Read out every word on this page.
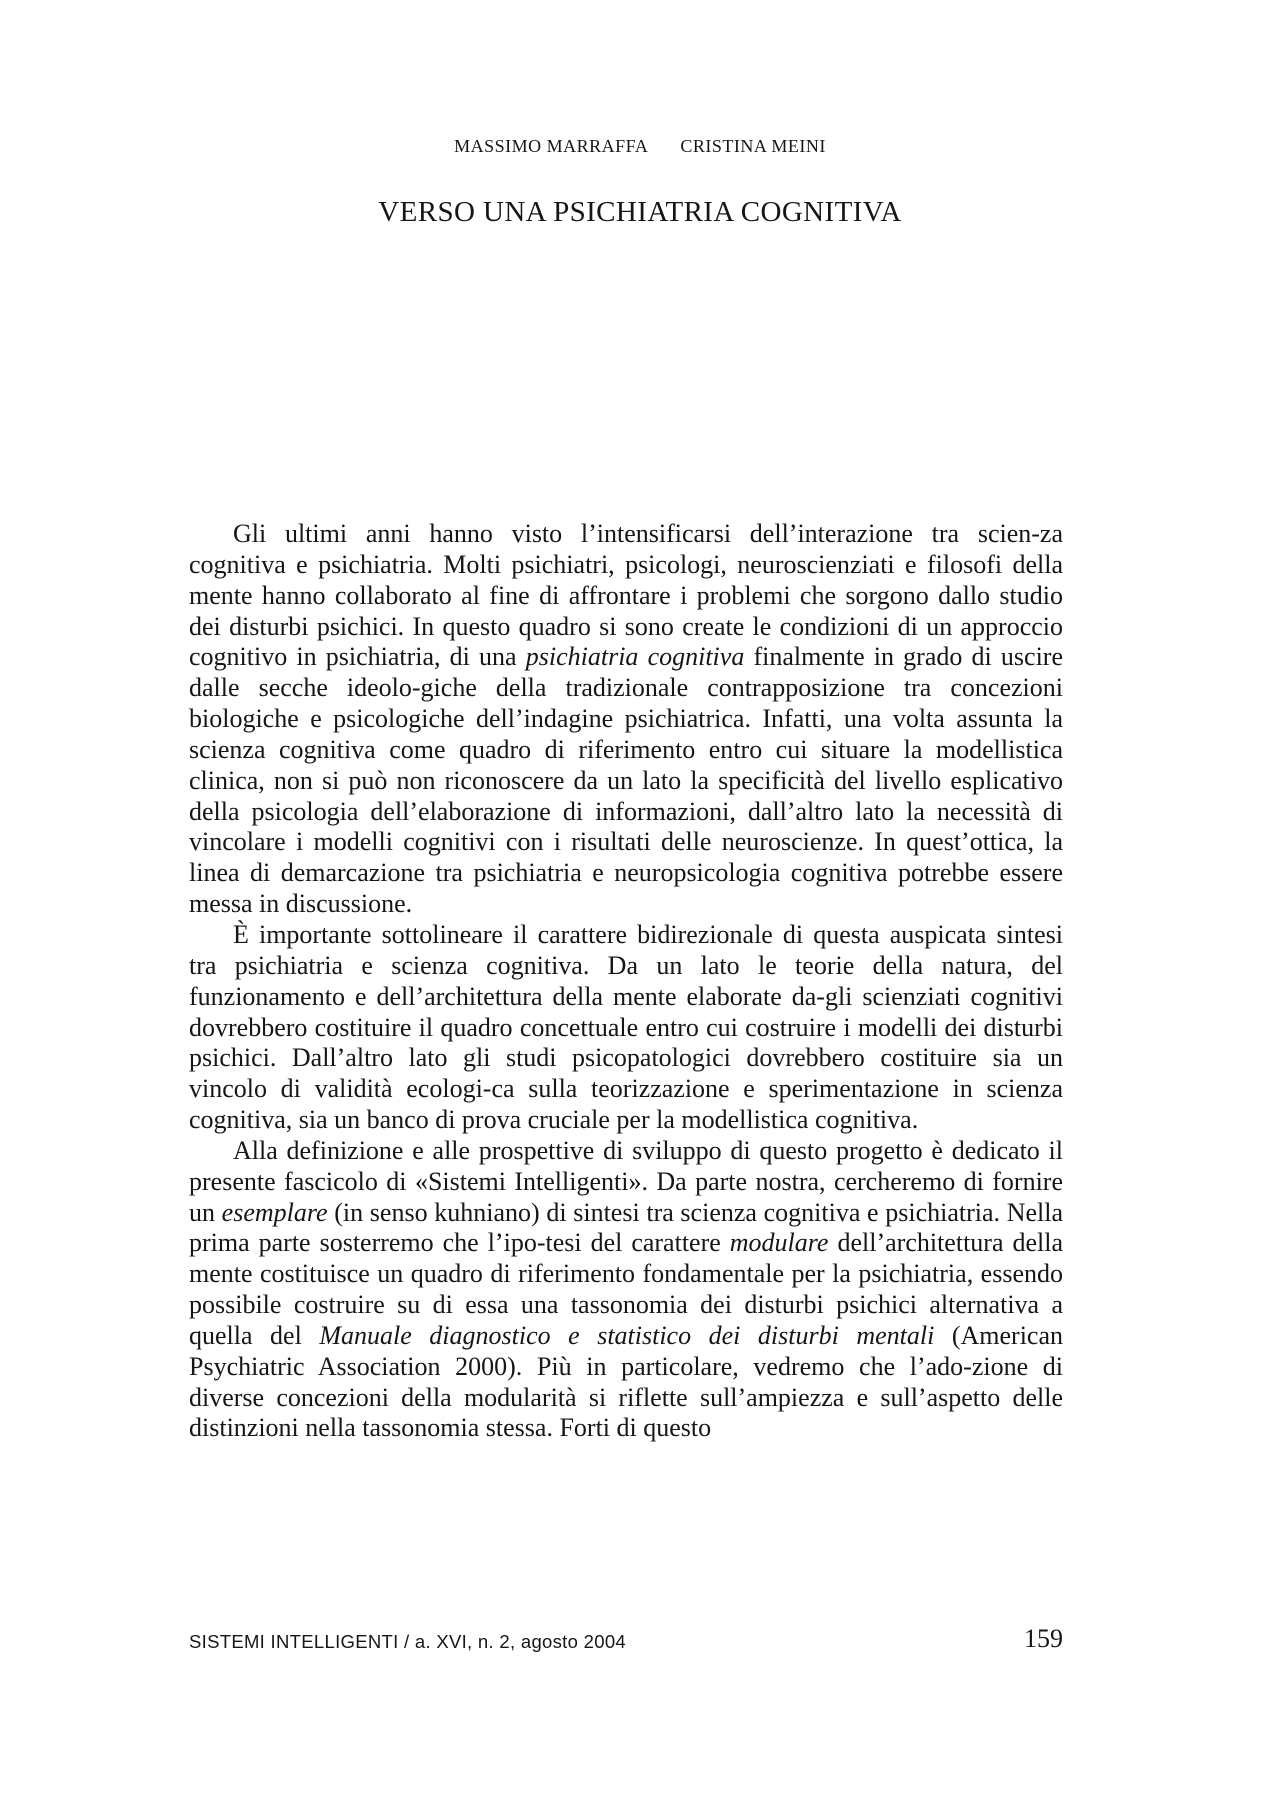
MASSIMO MARRAFFA CRISTINA MEINI
VERSO UNA PSICHIATRIA COGNITIVA

Gli ultimi anni hanno visto l’intensificarsi dell’interazione tra scien-za cognitiva e psichiatria. Molti psichiatri, psicologi, neuroscienziati e filosofi della mente hanno collaborato al fine di affrontare i problemi che sorgono dallo studio dei disturbi psichici. In questo quadro si sono create le condizioni di un approccio cognitivo in psichiatria, di una psichiatria cognitiva finalmente in grado di uscire dalle secche ideolo-giche della tradizionale contrapposizione tra concezioni biologiche e psicologiche dell’indagine psichiatrica. Infatti, una volta assunta la scienza cognitiva come quadro di riferimento entro cui situare la modellistica clinica, non si può non riconoscere da un lato la specificità del livello esplicativo della psicologia dell’elaborazione di informazioni, dall’altro lato la necessità di vincolare i modelli cognitivi con i risultati delle neuroscienze. In quest’ottica, la linea di demarcazione tra psichiatria e neuropsicologia cognitiva potrebbe essere messa in discussione.

È importante sottolineare il carattere bidirezionale di questa auspicata sintesi tra psichiatria e scienza cognitiva. Da un lato le teorie della natura, del funzionamento e dell’architettura della mente elaborate da-gli scienziati cognitivi dovrebbero costituire il quadro concettuale entro cui costruire i modelli dei disturbi psichici. Dall’altro lato gli studi psicopatologici dovrebbero costituire sia un vincolo di validità ecologi-ca sulla teorizzazione e sperimentazione in scienza cognitiva, sia un banco di prova cruciale per la modellistica cognitiva.

Alla definizione e alle prospettive di sviluppo di questo progetto è dedicato il presente fascicolo di «Sistemi Intelligenti». Da parte nostra, cercheremo di fornire un esemplare (in senso kuhniano) di sintesi tra scienza cognitiva e psichiatria. Nella prima parte sosterremo che l’ipo-tesi del carattere modulare dell’architettura della mente costituisce un quadro di riferimento fondamentale per la psichiatria, essendo possibile costruire su di essa una tassonomia dei disturbi psichici alternativa a quella del Manuale diagnostico e statistico dei disturbi mentali (American Psychiatric Association 2000). Più in particolare, vedremo che l’ado-zione di diverse concezioni della modularità si riflette sull’ampiezza e sull’aspetto delle distinzioni nella tassonomia stessa. Forti di questo

SISTEMI INTELLIGENTI / a. XVI, n. 2, agosto 2004	159
